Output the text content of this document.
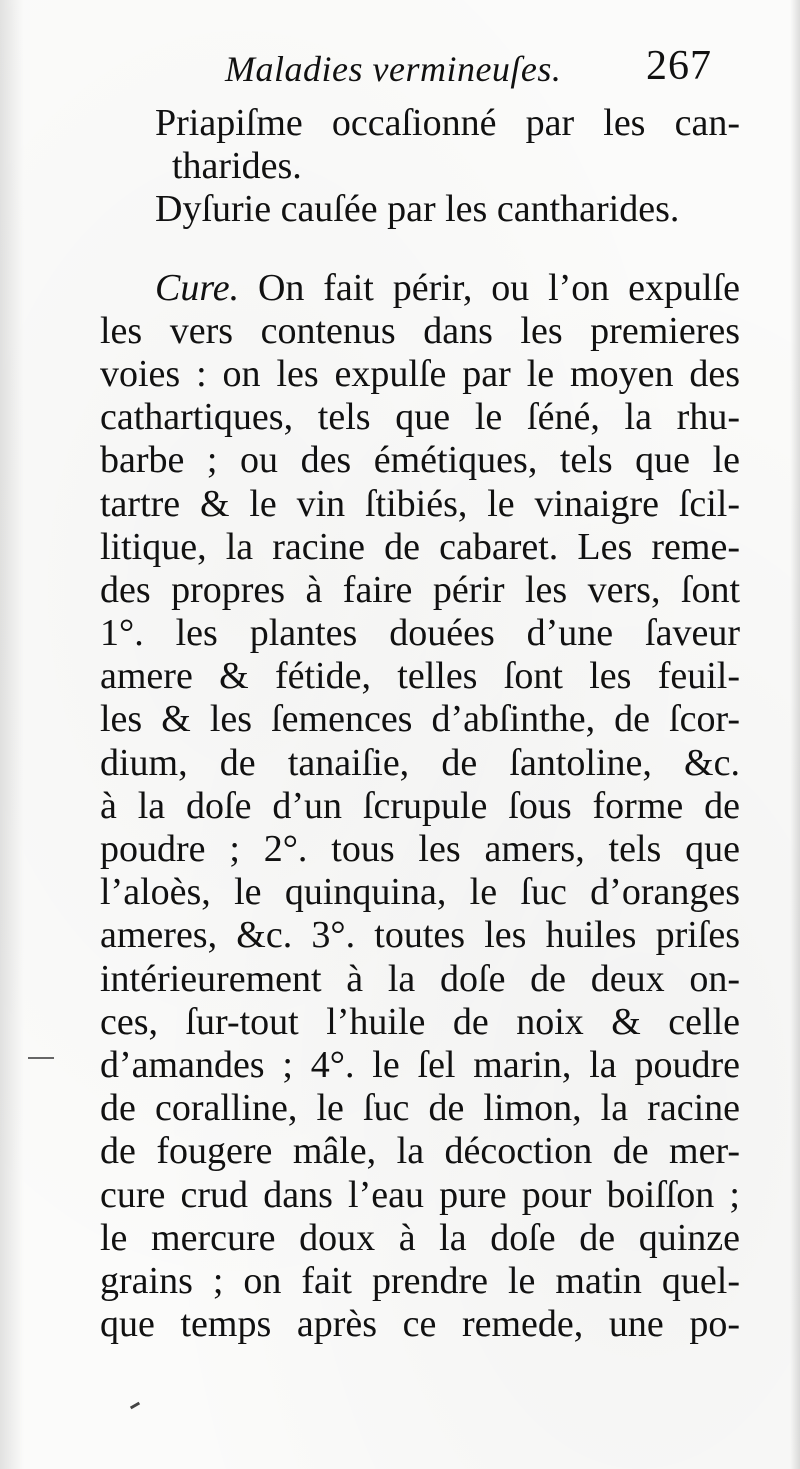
Maladies vermineuſes. 267
Priapiſme occaſionné par les can-
tharides.
Dyſurie cauſée par les cantharides.
Cure. On fait périr, ou l’on expulſe
les vers contenus dans les premieres
voies : on les expulſe par le moyen des
cathartiques, tels que le ſéné, la rhu-
barbe ; ou des émétiques, tels que le
tartre & le vin ſtibiés, le vinaigre ſcil-
litique, la racine de cabaret. Les reme-
des propres à faire périr les vers, ſont
1°. les plantes douées d’une ſaveur
amere & fétide, telles ſont les feuil-
les & les ſemences d’abſinthe, de ſcor-
dium, de tanaiſie, de ſantoline, &c.
à la doſe d’un ſcrupule ſous forme de
poudre ; 2°. tous les amers, tels que
l’aloès, le quinquina, le ſuc d’oranges
ameres, &c. 3°. toutes les huiles priſes
intérieurement à la doſe de deux on-
ces, ſur-tout l’huile de noix & celle
d’amandes ; 4°. le ſel marin, la poudre
de coralline, le ſuc de limon, la racine
de fougere mâle, la décoction de mer-
cure crud dans l’eau pure pour boiſſon ;
le mercure doux à la doſe de quinze
grains ; on fait prendre le matin quel-
que temps après ce remede, une po-
